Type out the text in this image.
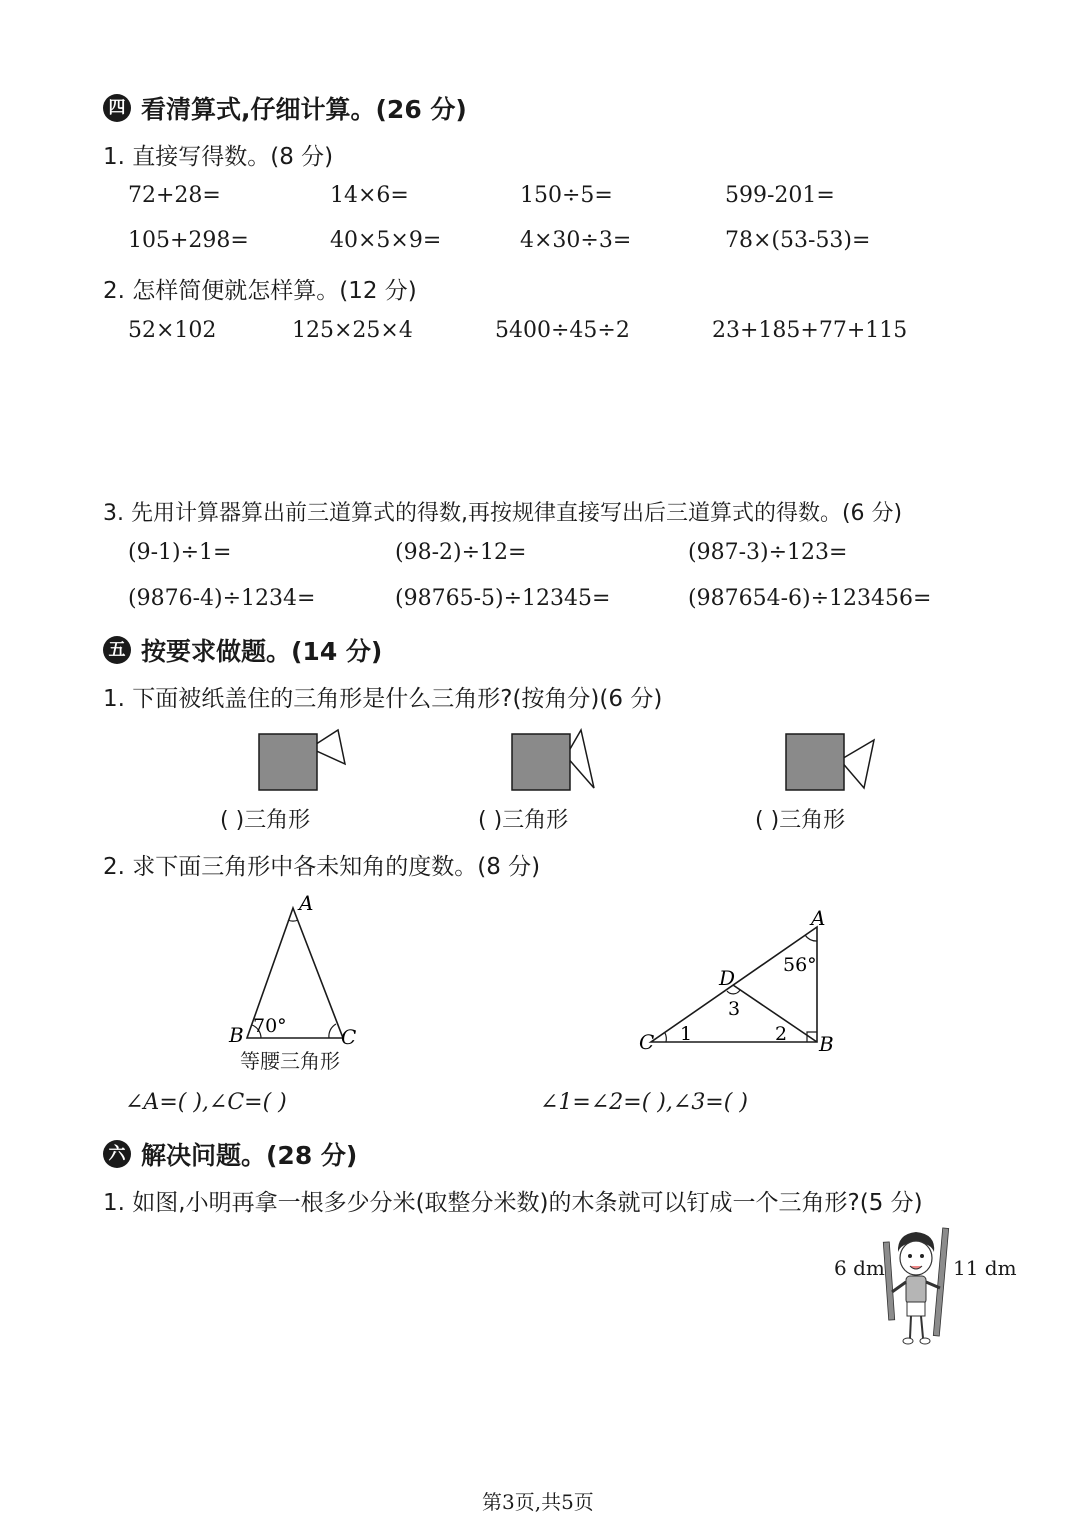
四 看清算式,仔细计算。(26 分)
1. 直接写得数。(8 分)
72+28=	14×6=	150÷5=	599-201=
105+298=	40×5×9=	4×30÷3=	78×(53-53)=
2. 怎样简便就怎样算。(12 分)
52×102	125×25×4	5400÷45÷2	23+185+77+115
3. 先用计算器算出前三道算式的得数,再按规律直接写出后三道算式的得数。(6 分)
(9-1)÷1=	(98-2)÷12=	(987-3)÷123=
(9876-4)÷1234=	(98765-5)÷12345=	(987654-6)÷123456=
五 按要求做题。(14 分)
1. 下面被纸盖住的三角形是什么三角形?(按角分)(6 分)
( )三角形	( )三角形	( )三角形
2. 求下面三角形中各未知角的度数。(8 分)
A
B	C
70°
等腰三角形
A
B
C
D
56°
1	2
3
∠A=( ),∠C=( )	∠1=∠2=( ),∠3=( )
六 解决问题。(28 分)
1. 如图,小明再拿一根多少分米(取整分米数)的木条就可以钉成一个三角形?(5 分)
6 dm	11 dm
第3页,共5页
